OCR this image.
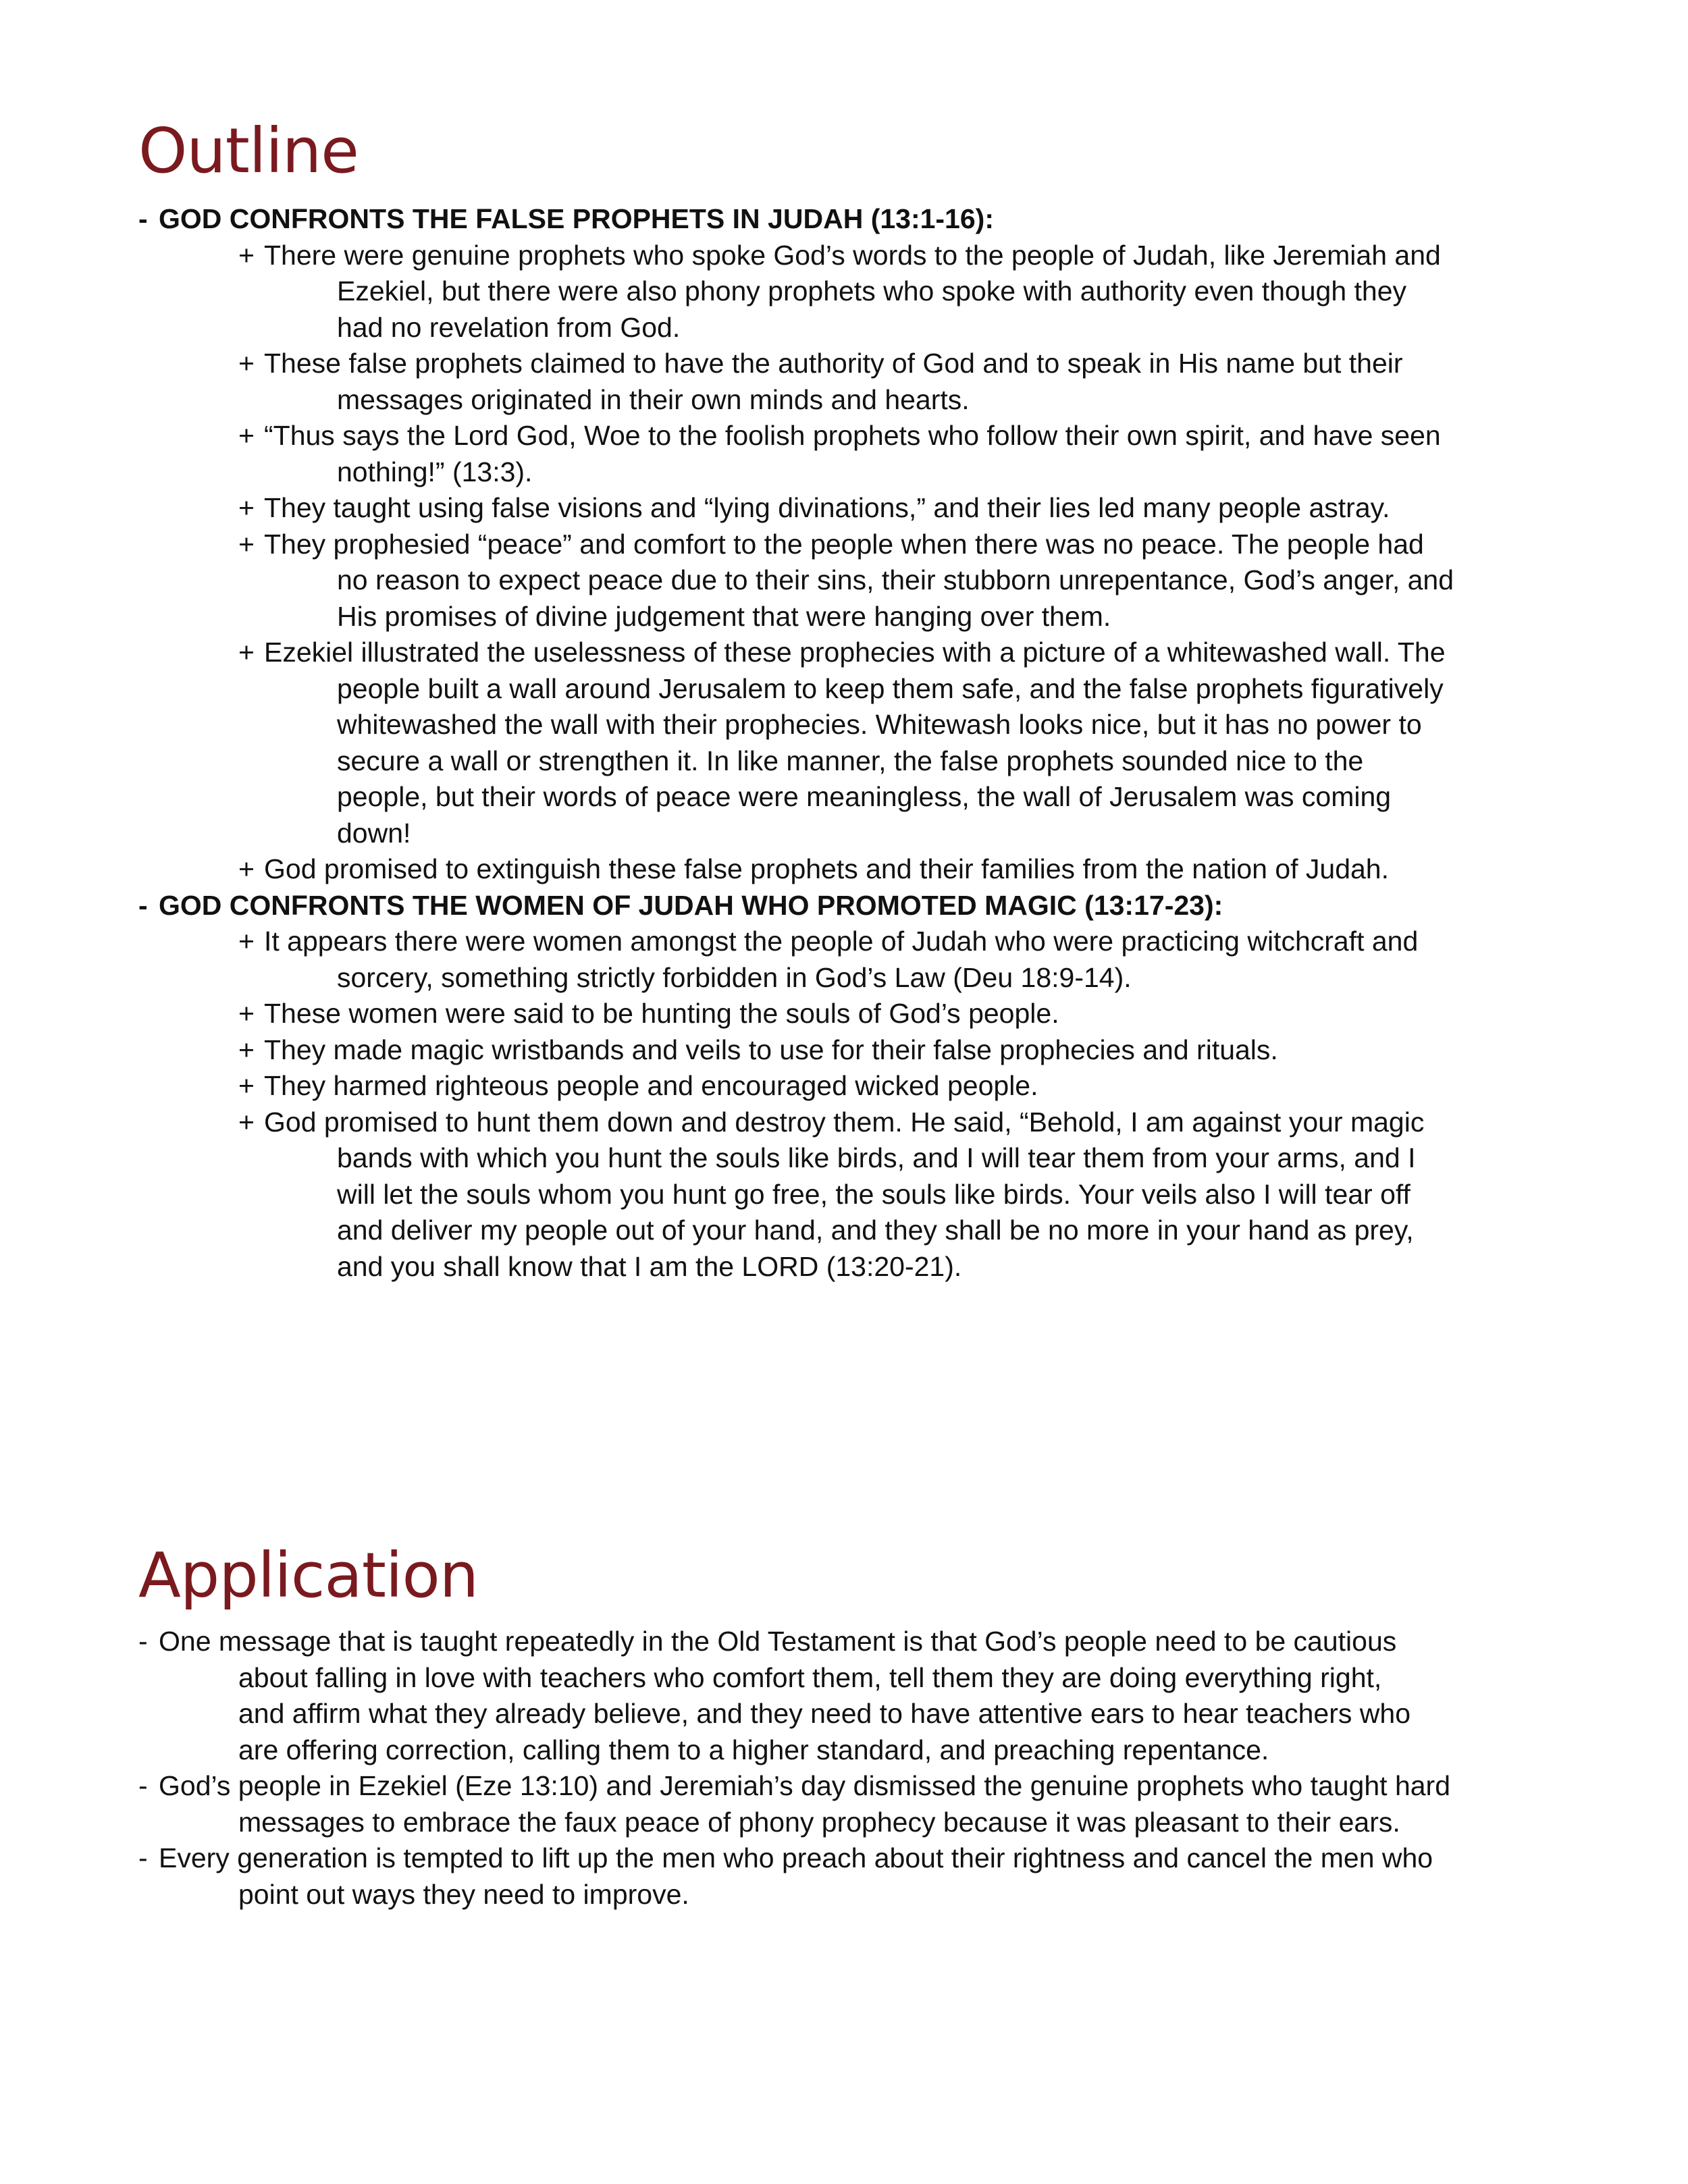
Outline
- GOD CONFRONTS THE FALSE PROPHETS IN JUDAH (13:1-16):
+ There were genuine prophets who spoke God’s words to the people of Judah, like Jeremiah and
Ezekiel, but there were also phony prophets who spoke with authority even though they
had no revelation from God.
+ These false prophets claimed to have the authority of God and to speak in His name but their
messages originated in their own minds and hearts.
+ “Thus says the Lord God, Woe to the foolish prophets who follow their own spirit, and have seen
nothing!” (13:3).
+ They taught using false visions and “lying divinations,” and their lies led many people astray.
+ They prophesied “peace” and comfort to the people when there was no peace. The people had
no reason to expect peace due to their sins, their stubborn unrepentance, God’s anger, and
His promises of divine judgement that were hanging over them.
+ Ezekiel illustrated the uselessness of these prophecies with a picture of a whitewashed wall. The
people built a wall around Jerusalem to keep them safe, and the false prophets figuratively
whitewashed the wall with their prophecies. Whitewash looks nice, but it has no power to
secure a wall or strengthen it. In like manner, the false prophets sounded nice to the
people, but their words of peace were meaningless, the wall of Jerusalem was coming
down!
+ God promised to extinguish these false prophets and their families from the nation of Judah.
- GOD CONFRONTS THE WOMEN OF JUDAH WHO PROMOTED MAGIC (13:17-23):
+ It appears there were women amongst the people of Judah who were practicing witchcraft and
sorcery, something strictly forbidden in God’s Law (Deu 18:9-14).
+ These women were said to be hunting the souls of God’s people.
+ They made magic wristbands and veils to use for their false prophecies and rituals.
+ They harmed righteous people and encouraged wicked people.
+ God promised to hunt them down and destroy them. He said, “Behold, I am against your magic
bands with which you hunt the souls like birds, and I will tear them from your arms, and I
will let the souls whom you hunt go free, the souls like birds. Your veils also I will tear off
and deliver my people out of your hand, and they shall be no more in your hand as prey,
and you shall know that I am the LORD (13:20-21).
Application
- One message that is taught repeatedly in the Old Testament is that God’s people need to be cautious
about falling in love with teachers who comfort them, tell them they are doing everything right,
and affirm what they already believe, and they need to have attentive ears to hear teachers who
are offering correction, calling them to a higher standard, and preaching repentance.
- God’s people in Ezekiel (Eze 13:10) and Jeremiah’s day dismissed the genuine prophets who taught hard
messages to embrace the faux peace of phony prophecy because it was pleasant to their ears.
- Every generation is tempted to lift up the men who preach about their rightness and cancel the men who
point out ways they need to improve.
